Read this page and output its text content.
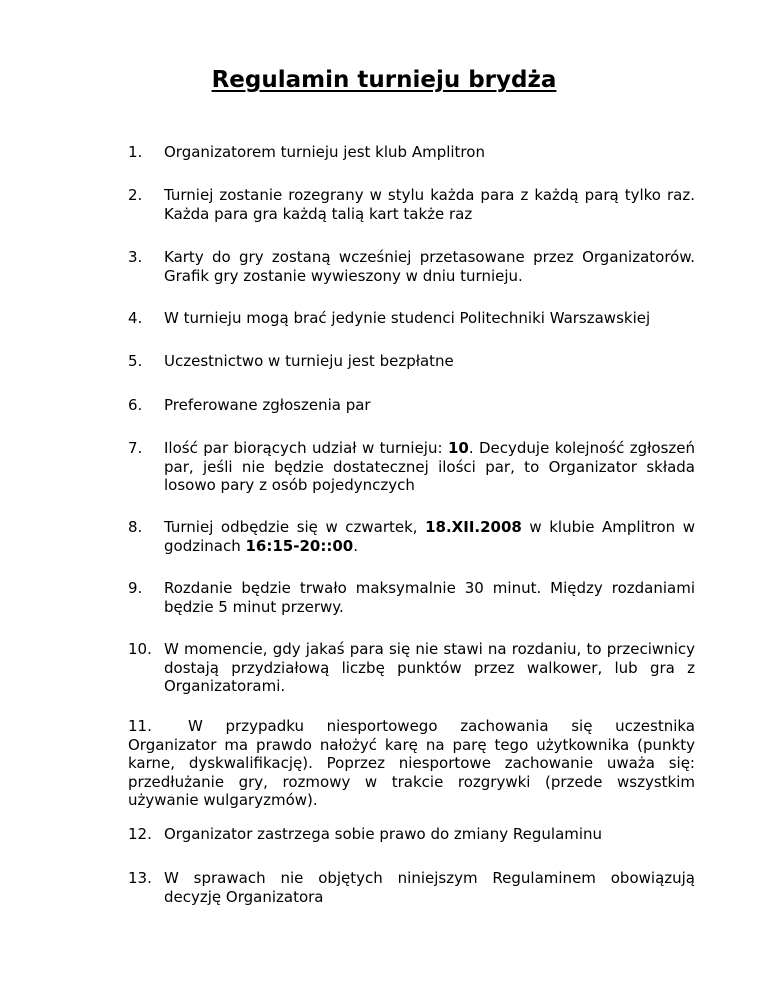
Regulamin turnieju brydża
1.	Organizatorem turnieju jest klub Amplitron
2.	Turniej zostanie rozegrany w stylu każda para z każdą parą tylko raz. Każda para gra każdą talią kart także raz
3.	Karty do gry zostaną wcześniej przetasowane przez Organizatorów. Grafik gry zostanie wywieszony w dniu turnieju.
4.	W turnieju mogą brać jedynie studenci Politechniki Warszawskiej
5.	Uczestnictwo w turnieju jest bezpłatne
6.	Preferowane zgłoszenia par
7.	Ilość par biorących udział w turnieju: 10. Decyduje kolejność zgłoszeń par, jeśli nie będzie dostatecznej ilości par, to Organizator składa losowo pary z osób pojedynczych
8.	Turniej odbędzie się w czwartek, 18.XII.2008 w klubie Amplitron w godzinach 16:15-20::00.
9.	Rozdanie będzie trwało maksymalnie 30 minut. Między rozdaniami będzie 5 minut przerwy.
10. W momencie, gdy jakaś para się nie stawi na rozdaniu, to przeciwnicy dostają przydziałową liczbę punktów przez walkower, lub gra z Organizatorami.
11.	W przypadku niesportowego zachowania się uczestnika Organizator ma prawdo nałożyć karę na parę tego użytkownika (punkty karne, dyskwalifikację). Poprzez niesportowe zachowanie uważa się: przedłużanie gry, rozmowy w trakcie rozgrywki (przede wszystkim używanie wulgaryzmów).
12. Organizator zastrzega sobie prawo do zmiany Regulaminu
13. W sprawach nie objętych niniejszym Regulaminem obowiązują decyzję Organizatora
